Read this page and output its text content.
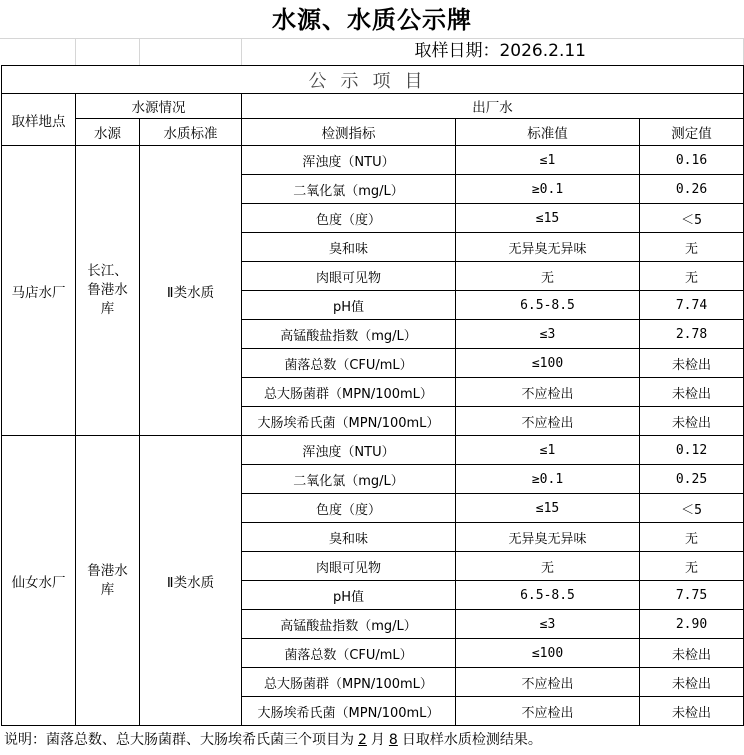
水源、水质公示牌
取样日期：2026.2.11
公示项目					
取样地点	水源情况		出厂水		
	水源	水质标准	检测指标	标准值	测定值
马店水厂	长江、鲁港水库	Ⅱ类水质	浑浊度（NTU）	≤1	0.16
			二氧化氯（mg/L）	≥0.1	0.26
			色度（度）	≤15	＜5
			臭和味	无异臭无异味	无
			肉眼可见物	无	无
			pH值	6.5-8.5	7.74
			高锰酸盐指数（mg/L）	≤3	2.78
			菌落总数（CFU/mL）	≤100	未检出
			总大肠菌群（MPN/100mL）	不应检出	未检出
			大肠埃希氏菌（MPN/100mL）	不应检出	未检出
仙女水厂	鲁港水库	Ⅱ类水质	浑浊度（NTU）	≤1	0.12
			二氧化氯（mg/L）	≥0.1	0.25
			色度（度）	≤15	＜5
			臭和味	无异臭无异味	无
			肉眼可见物	无	无
			pH值	6.5-8.5	7.75
			高锰酸盐指数（mg/L）	≤3	2.90
			菌落总数（CFU/mL）	≤100	未检出
			总大肠菌群（MPN/100mL）	不应检出	未检出
			大肠埃希氏菌（MPN/100mL）	不应检出	未检出
说明：菌落总数、总大肠菌群、大肠埃希氏菌三个项目为 2 月 8 日取样水质检测结果。
